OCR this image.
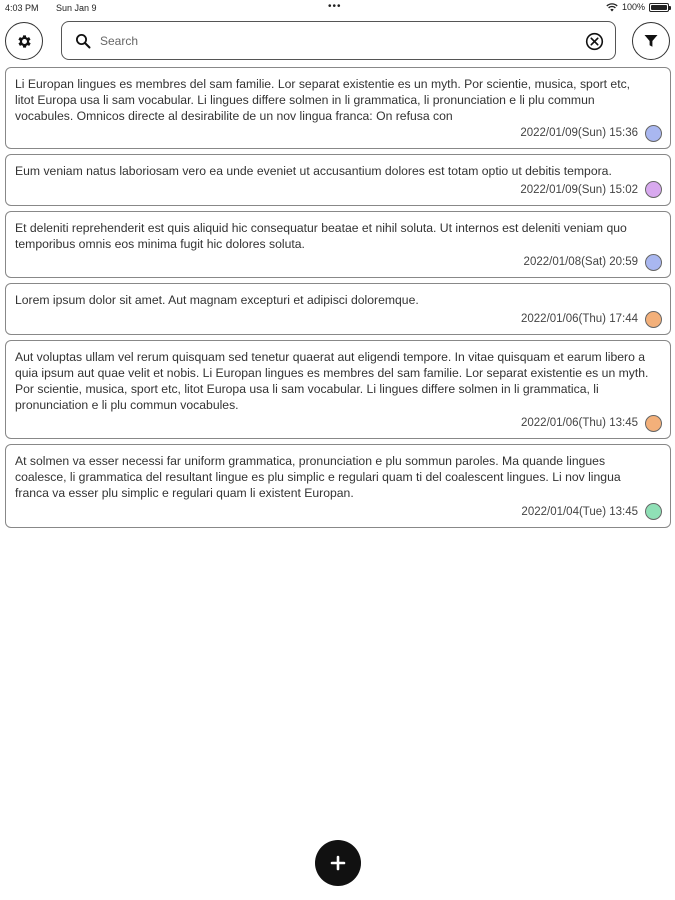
4:03 PM Sun Jan 9	•••	100%
Search
Li Europan lingues es membres del sam familie. Lor separat existentie es un myth. Por scientie, musica, sport etc, litot Europa usa li sam vocabular. Li lingues differe solmen in li grammatica, li pronunciation e li plu commun vocabules. Omnicos directe al desirabilite de un nov lingua franca: On refusa con
2022/01/09(Sun) 15:36
Eum veniam natus laboriosam vero ea unde eveniet ut accusantium dolores est totam optio ut debitis tempora.
2022/01/09(Sun) 15:02
Et deleniti reprehenderit est quis aliquid hic consequatur beatae et nihil soluta. Ut internos est deleniti veniam quo temporibus omnis eos minima fugit hic dolores soluta.
2022/01/08(Sat) 20:59
Lorem ipsum dolor sit amet. Aut magnam excepturi et adipisci doloremque.
2022/01/06(Thu) 17:44
Aut voluptas ullam vel rerum quisquam sed tenetur quaerat aut eligendi tempore. In vitae quisquam et earum libero a quia ipsum aut quae velit et nobis. Li Europan lingues es membres del sam familie. Lor separat existentie es un myth. Por scientie, musica, sport etc, litot Europa usa li sam vocabular. Li lingues differe solmen in li grammatica, li pronunciation e li plu commun vocabules.
2022/01/06(Thu) 13:45
At solmen va esser necessi far uniform grammatica, pronunciation e plu sommun paroles. Ma quande lingues coalesce, li grammatica del resultant lingue es plu simplic e regulari quam ti del coalescent lingues. Li nov lingua franca va esser plu simplic e regulari quam li existent Europan.
2022/01/04(Tue) 13:45
